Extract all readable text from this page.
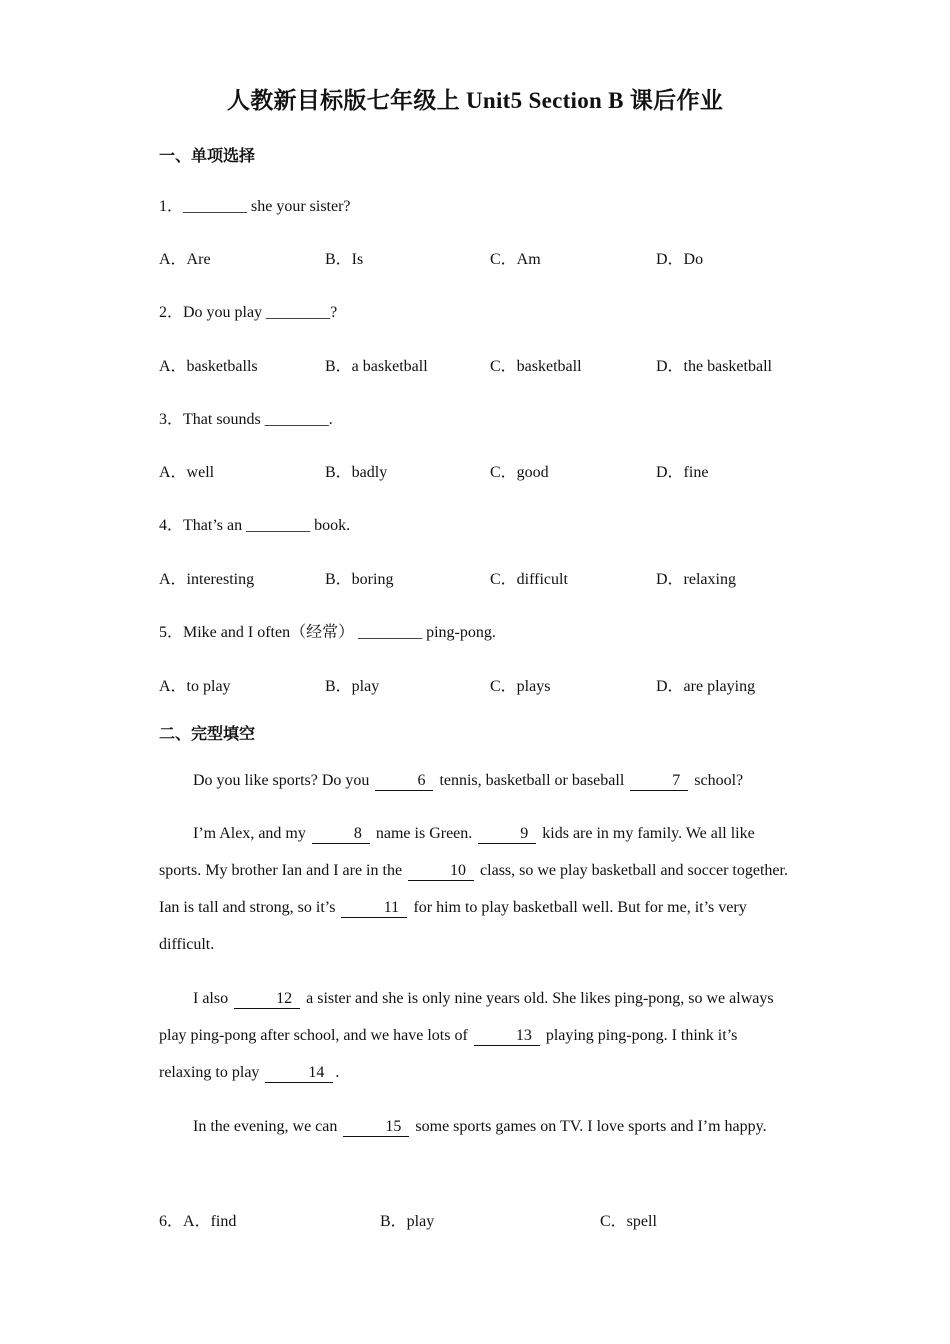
人教新目标版七年级上 Unit5 Section B 课后作业
一、单项选择
1．________ she your sister?
A．Are	B．Is	C．Am	D．Do
2．Do you play ________?
A．basketballs	B．a basketball	C．basketball	D．the basketball
3．That sounds ________.
A．well	B．badly	C．good	D．fine
4．That’s an ________ book.
A．interesting	B．boring	C．difficult	D．relaxing
5．Mike and I often（经常） ________ ping-pong.
A．to play	B．play	C．plays	D．are playing
二、完型填空

Do you like sports? Do you	6 tennis, basketball or baseball	7 school?

I’m Alex, and my	8 name is Green.	9 kids are in my family. We all like sports. My brother Ian and I are in the	10 class, so we play basketball and soccer together. Ian is tall and strong, so it’s	11 for him to play basketball well. But for me, it’s very difficult.

I also	12 a sister and she is only nine years old. She likes ping-pong, so we always play ping-pong after school, and we have lots of	13 playing ping-pong. I think it’s relaxing to play	14 .

In the evening, we can	15 some sports games on TV. I love sports and I’m happy.

6．A．find	B．play	C．spell
